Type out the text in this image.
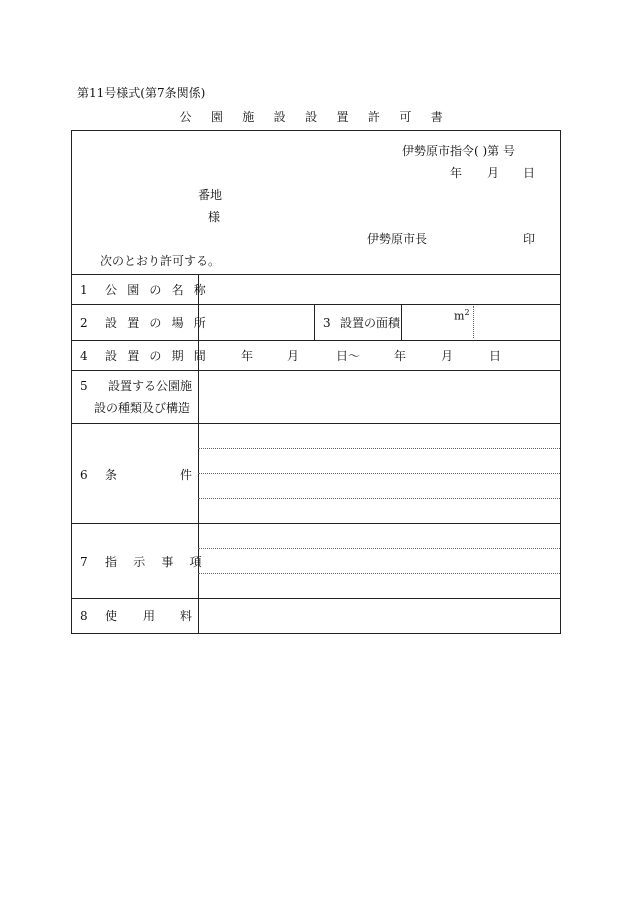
第11号様式(第7条関係)
公 園 施 設 設 置 許 可 書
伊勢原市指令( )第 号
年 月 日
番地
様
伊勢原市長	印
次のとおり許可する。
1 公園の名称
2 設置の場所	3 設置の面積	$m^2$
4 設置の期間 年	月	日〜	年	月	日
5 設置する公園施
設の種類及び構造
6 条	件
7 指示事項
8 使 用 料
